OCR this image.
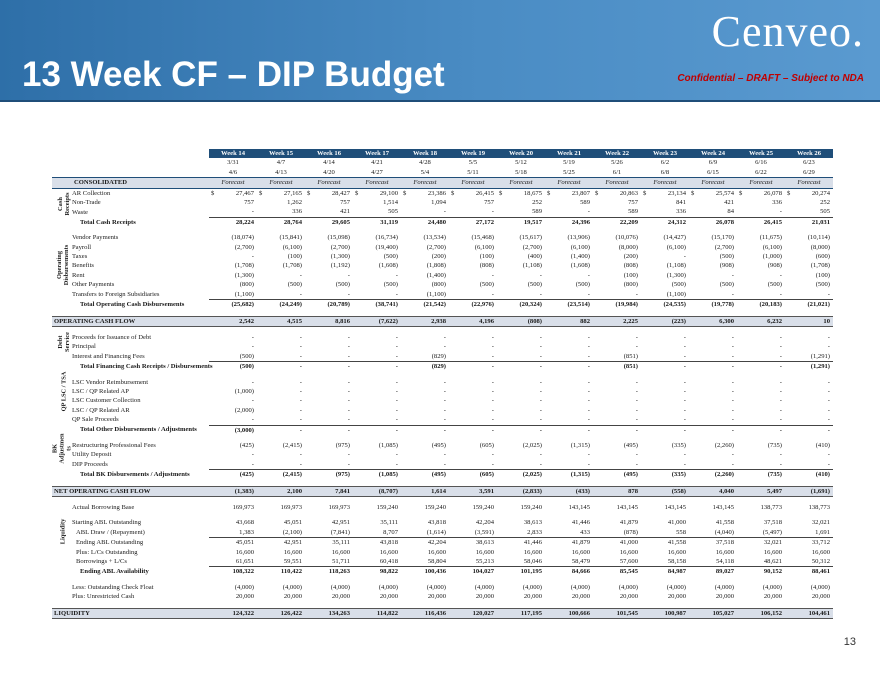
13 Week CF – DIP Budget
Cenveo.
Confidential – DRAFT – Subject to NDA
	Week 14	Week 15	Week 16	Week 17	Week 18	Week 19	Week 20	Week 21	Week 22	Week 23	Week 24	Week 25	Week 26
	3/31	4/7	4/14	4/21	4/28	5/5	5/12	5/19	5/26	6/2	6/9	6/16	6/23
	4/6	4/13	4/20	4/27	5/4	5/11	5/18	5/25	6/1	6/8	6/15	6/22	6/29
CONSOLIDATED	Forecast	Forecast	Forecast	Forecast	Forecast	Forecast	Forecast	Forecast	Forecast	Forecast	Forecast	Forecast	Forecast
AR Collection	$ 27,467	$ 27,165	$ 28,427	$ 29,100	$ 23,386	$ 26,415	$ 18,675	$ 23,807	$ 20,863	$ 23,134	$ 25,574	$ 26,078	$ 20,274
Non-Trade	757	1,262	757	1,514	1,094	757	252	589	757	841	421	336	252
Waste	-	336	421	505	-	-	589	-	589	336	84	-	505
Total Cash Receipts	28,224	28,764	29,605	31,119	24,480	27,172	19,517	24,396	22,209	24,312	26,078	26,415	21,031

Vendor Payments	(18,074)	(15,841)	(15,098)	(16,734)	(13,534)	(15,468)	(15,617)	(13,906)	(10,076)	(14,427)	(15,170)	(11,675)	(10,114)
Payroll	(2,700)	(6,100)	(2,700)	(19,400)	(2,700)	(6,100)	(2,700)	(6,100)	(8,000)	(6,100)	(2,700)	(6,100)	(8,000)
Taxes	-	(100)	(1,300)	(500)	(200)	(100)	(400)	(1,400)	(200)	-	(500)	(1,000)	(600)
Benefits	(1,708)	(1,708)	(1,192)	(1,608)	(1,808)	(808)	(1,108)	(1,608)	(808)	(1,108)	(908)	(908)	(1,708)
Rent	(1,300)	-	-	-	(1,400)	-	-	-	(100)	(1,300)	-	-	(100)
Other Payments	(800)	(500)	(500)	(500)	(800)	(500)	(500)	(500)	(800)	(500)	(500)	(500)	(500)
Transfers to Foreign Subsidiaries	(1,100)	-	-	-	(1,100)	-	-	-	-	(1,100)	-	-	-
Total Operating Cash Disbursements	(25,682)	(24,249)	(20,789)	(38,741)	(21,542)	(22,976)	(20,324)	(23,514)	(19,984)	(24,535)	(19,778)	(20,183)	(21,021)

OPERATING CASH FLOW	2,542	4,515	8,816	(7,622)	2,938	4,196	(808)	882	2,225	(223)	6,300	6,232	10

Proceeds for Issuance of Debt	-	-	-	-	-	-	-	-	-	-	-	-	-
Principal	-	-	-	-	-	-	-	-	-	-	-	-	-
Interest and Financing Fees	(500)	-	-	-	(829)	-	-	-	(851)	-	-	-	(1,291)
Total Financing Cash Receipts / Disbursements	(500)	-	-	-	(829)	-	-	-	(851)	-	-	-	(1,291)

LSC Vendor Reimbursement	-	-	-	-	-	-	-	-	-	-	-	-	-
LSC / QP Related AP	(1,000)	-	-	-	-	-	-	-	-	-	-	-	-
LSC Customer Collection	-	-	-	-	-	-	-	-	-	-	-	-	-
LSC / QP Related AR	(2,000)	-	-	-	-	-	-	-	-	-	-	-	-
QP Sale Proceeds	-	-	-	-	-	-	-	-	-	-	-	-	-
Total Other Disbursements / Adjustments	(3,000)	-	-	-	-	-	-	-	-	-	-	-	-

Restructuring Professional Fees	(425)	(2,415)	(975)	(1,085)	(495)	(605)	(2,025)	(1,315)	(495)	(335)	(2,260)	(735)	(410)
Utility Deposit	-	-	-	-	-	-	-	-	-	-	-	-	-
DIP Proceeds	-	-	-	-	-	-	-	-	-	-	-	-	-
Total BK Disbursements / Adjustments	(425)	(2,415)	(975)	(1,085)	(495)	(605)	(2,025)	(1,315)	(495)	(335)	(2,260)	(735)	(410)

NET OPERATING CASH FLOW	(1,383)	2,100	7,841	(8,707)	1,614	3,591	(2,833)	(433)	878	(558)	4,040	5,497	(1,691)

Actual Borrowing Base	169,973	169,973	169,973	159,240	159,240	159,240	159,240	143,145	143,145	143,145	143,145	138,773	138,773

Starting ABL Outstanding	43,668	45,051	42,951	35,111	43,818	42,204	38,613	41,446	41,879	41,000	41,558	37,518	32,021
ABL Draw / (Repayment)	1,383	(2,100)	(7,841)	8,707	(1,614)	(3,591)	2,833	433	(878)	558	(4,040)	(5,497)	1,691
Ending ABL Outstanding	45,051	42,951	35,111	43,818	42,204	38,613	41,446	41,879	41,000	41,558	37,518	32,021	33,712
Plus: L/Cs Outstanding	16,600	16,600	16,600	16,600	16,600	16,600	16,600	16,600	16,600	16,600	16,600	16,600	16,600
Borrowings + L/Cs	61,651	59,551	51,711	60,418	58,804	55,213	58,046	58,479	57,600	58,158	54,118	48,621	50,312
Ending ABL Availability	108,322	110,422	118,263	98,822	100,436	104,027	101,195	84,666	85,545	84,987	89,027	90,152	88,461

Less: Outstanding Check Float	(4,000)	(4,000)	(4,000)	(4,000)	(4,000)	(4,000)	(4,000)	(4,000)	(4,000)	(4,000)	(4,000)	(4,000)	(4,000)
Plus: Unrestricted Cash	20,000	20,000	20,000	20,000	20,000	20,000	20,000	20,000	20,000	20,000	20,000	20,000	20,000

LIQUIDITY	124,322	126,422	134,263	114,822	116,436	120,027	117,195	100,666	101,545	100,987	105,027	106,152	104,461
Cash Receipts
Operating Disbursements
Debt Service
QP LSC / TSA
BK Adjustmen ts
Liquidity
13
